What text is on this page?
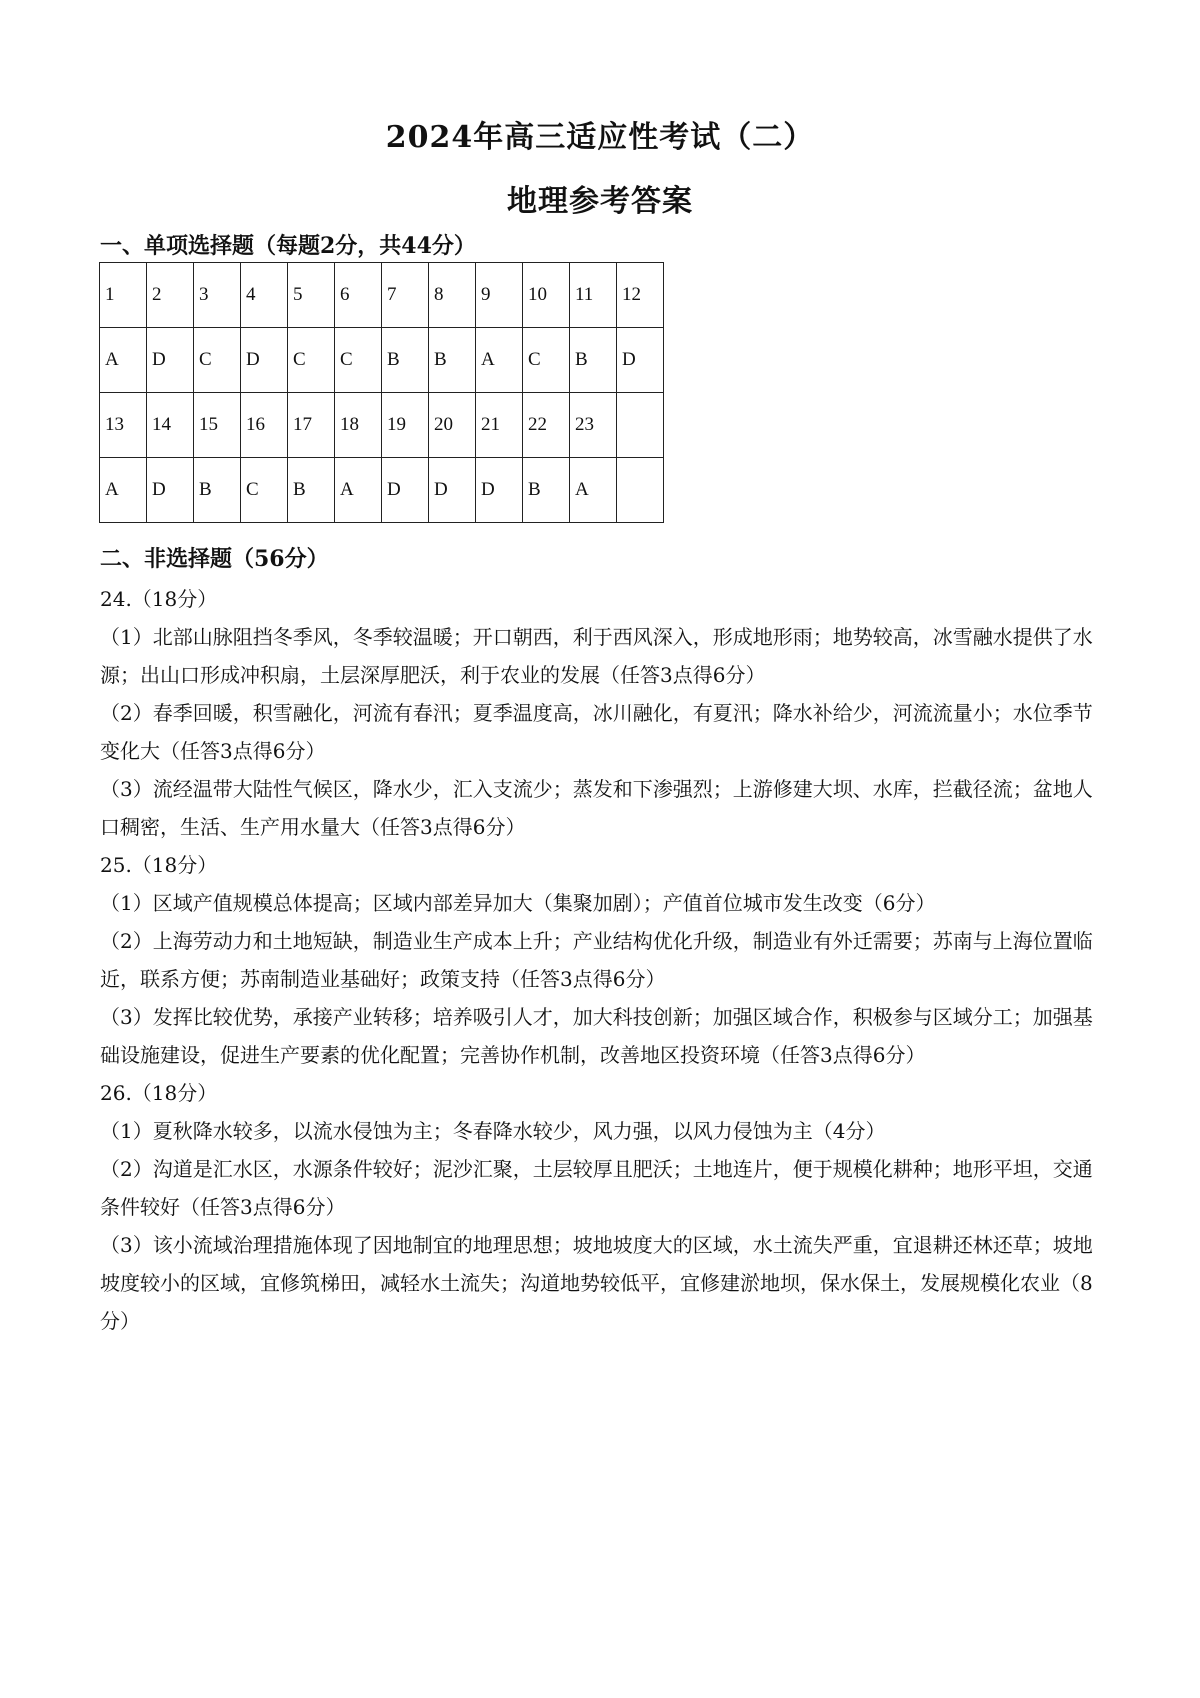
2024年高三适应性考试（二）
地理参考答案
一、单项选择题（每题2分，共44分）
1	2	3	4	5	6	7	8	9	10	11	12
A	D	C	D	C	C	B	B	A	C	B	D
13	14	15	16	17	18	19	20	21	22	23	
A	D	B	C	B	A	D	D	D	B	A	
二、非选择题（56分）
24.（18分）
（1）北部山脉阻挡冬季风，冬季较温暖；开口朝西，利于西风深入，形成地形雨；地势较高，冰雪融水提供了水源；出山口形成冲积扇，土层深厚肥沃，利于农业的发展（任答3点得6分）
（2）春季回暖，积雪融化，河流有春汛；夏季温度高，冰川融化，有夏汛；降水补给少，河流流量小；水位季节变化大（任答3点得6分）
（3）流经温带大陆性气候区，降水少，汇入支流少；蒸发和下渗强烈；上游修建大坝、水库，拦截径流；盆地人口稠密，生活、生产用水量大（任答3点得6分）
25.（18分）
（1）区域产值规模总体提高；区域内部差异加大（集聚加剧）；产值首位城市发生改变（6分）
（2）上海劳动力和土地短缺，制造业生产成本上升；产业结构优化升级，制造业有外迁需要；苏南与上海位置临近，联系方便；苏南制造业基础好；政策支持（任答3点得6分）
（3）发挥比较优势，承接产业转移；培养吸引人才，加大科技创新；加强区域合作，积极参与区域分工；加强基础设施建设，促进生产要素的优化配置；完善协作机制，改善地区投资环境（任答3点得6分）
26.（18分）
（1）夏秋降水较多，以流水侵蚀为主；冬春降水较少，风力强，以风力侵蚀为主（4分）
（2）沟道是汇水区，水源条件较好；泥沙汇聚，土层较厚且肥沃；土地连片，便于规模化耕种；地形平坦，交通条件较好（任答3点得6分）
（3）该小流域治理措施体现了因地制宜的地理思想；坡地坡度大的区域，水土流失严重，宜退耕还林还草；坡地坡度较小的区域，宜修筑梯田，减轻水土流失；沟道地势较低平，宜修建淤地坝，保水保土，发展规模化农业（8分）
